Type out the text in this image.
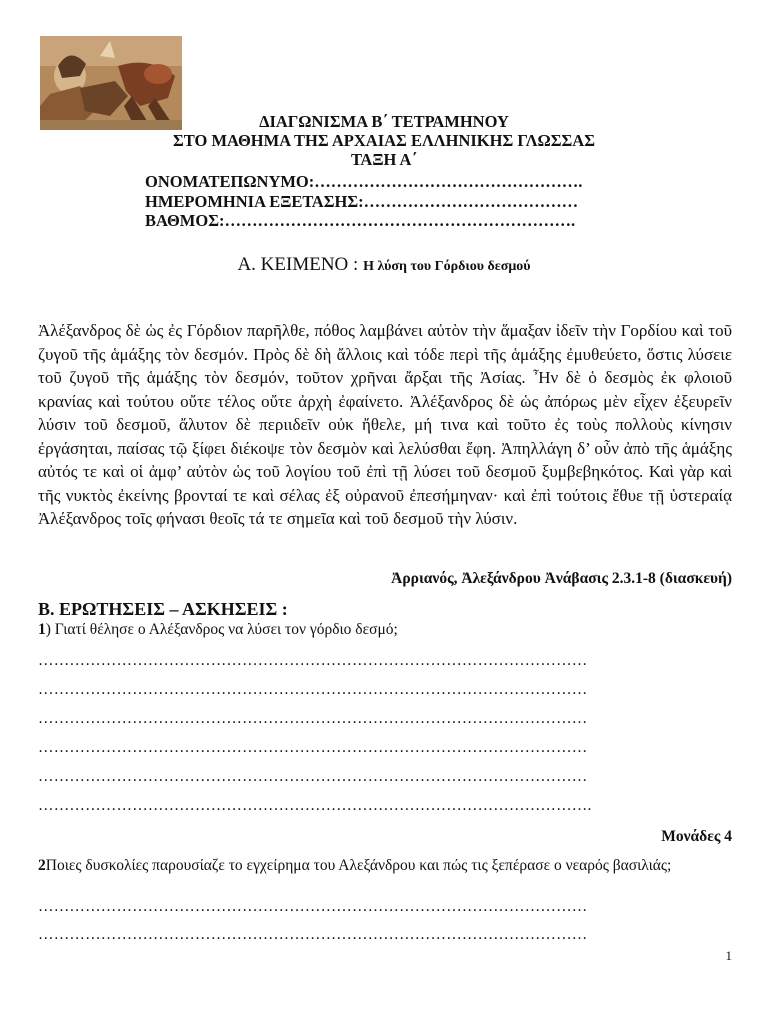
ΔΙΑΓΩΝΙΣΜΑ Β΄ ΤΕΤΡΑΜΗΝΟΥ
ΣΤΟ ΜΑΘΗΜΑ ΤΗΣ ΑΡΧΑΙΑΣ ΕΛΛΗΝΙΚΗΣ ΓΛΩΣΣΑΣ
ΤΑΞΗ Α΄
ΟΝΟΜΑΤΕΠΩΝΥΜΟ:………………………………………….
ΗΜΕΡΟΜΗΝΙΑ ΕΞΕΤΑΣΗΣ:…………………………………
ΒΑΘΜΟΣ:……………………………………………………….
Α. ΚΕΙΜΕΝΟ : Η λύση του Γόρδιου δεσμού
Ἀλέξανδρος δὲ ὡς ἐς Γόρδιον παρῆλθε, πόθος λαμβάνει αὐτὸν τὴν ἅμαξαν ἰδεῖν τὴν Γορδίου καὶ τοῦ ζυγοῦ τῆς ἁμάξης τὸν δεσμόν. Πρὸς δὲ δὴ ἄλλοις καὶ τόδε περὶ τῆς ἁμάξης ἐμυθεύετο, ὅστις λύσειε τοῦ ζυγοῦ τῆς ἁμάξης τὸν δεσμόν, τοῦτον χρῆναι ἄρξαι τῆς Ἀσίας. Ἦν δὲ ὁ δεσμὸς ἐκ φλοιοῦ κρανίας καὶ τούτου οὔτε τέλος οὔτε ἀρχὴ ἐφαίνετο. Ἀλέξανδρος δὲ ὡς ἀπόρως μὲν εἶχεν ἐξευρεῖν λύσιν τοῦ δεσμοῦ, ἄλυτον δὲ περιιδεῖν οὐκ ἤθελε, μή τινα καὶ τοῦτο ἐς τοὺς πολλοὺς κίνησιν ἐργάσηται, παίσας τῷ ξίφει διέκοψε τὸν δεσμὸν καὶ λελύσθαι ἔφη. Ἀπηλλάγη δ’ οὖν ἀπὸ τῆς ἁμάξης αὐτός τε καὶ οἱ ἀμφ’ αὐτὸν ὡς τοῦ λογίου τοῦ ἐπὶ τῇ λύσει τοῦ δεσμοῦ ξυμβεβηκότος. Καὶ γὰρ καὶ τῆς νυκτὸς ἐκείνης βρονταί τε καὶ σέλας ἐξ οὐρανοῦ ἐπεσήμηναν· καὶ ἐπὶ τούτοις ἔθυε τῇ ὑστεραίᾳ Ἀλέξανδρος τοῖς φήνασι θεοῖς τά τε σημεῖα καὶ τοῦ δεσμοῦ τὴν λύσιν.
Ἀρριανός, Ἀλεξάνδρου Ἀνάβασις 2.3.1-8 (διασκευή)
Β. ΕΡΩΤΗΣΕΙΣ – ΑΣΚΗΣΕΙΣ :
1) Γιατί θέλησε ο Αλέξανδρος να λύσει τον γόρδιο δεσμό;
……………………………………………………………………………………………
……………………………………………………………………………………………
……………………………………………………………………………………………
……………………………………………………………………………………………
……………………………………………………………………………………………
…………………………………………………………………………………………….
Μονάδες 4
2Ποιες δυσκολίες παρουσίαζε το εγχείρημα του Αλεξάνδρου και πώς τις ξεπέρασε ο νεαρός βασιλιάς;
……………………………………………………………………………………………
……………………………………………………………………………………………
1
